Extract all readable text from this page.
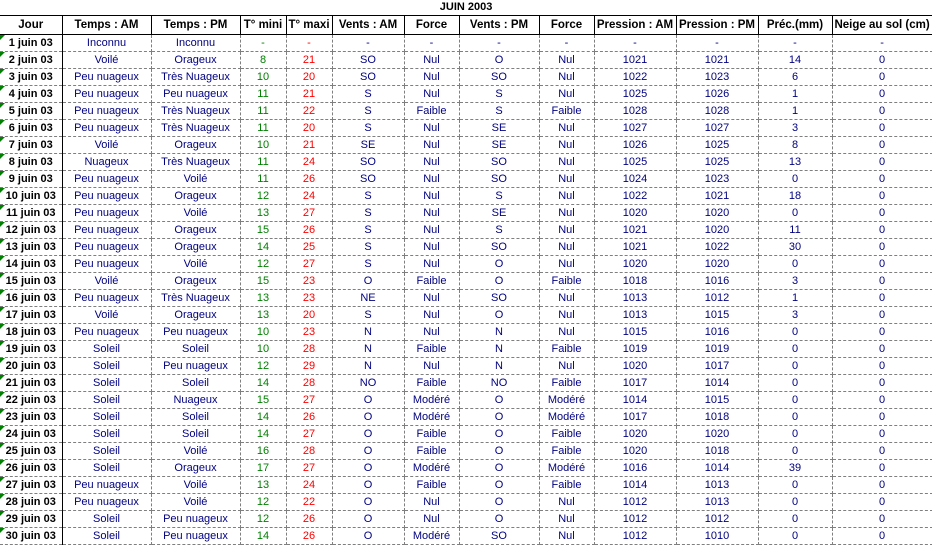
JUIN 2003												
Jour	Temps : AM	Temps : PM	T° mini	T° maxi	Vents : AM	Force	Vents : PM	Force	Pression : AM	Pression : PM	Préc.(mm)	Neige au sol (cm)
1 juin 03	Inconnu	Inconnu	-	-	-	-	-	-	-	-	-	-
2 juin 03	Voilé	Orageux	8	21	SO	Nul	O	Nul	1021	1021	14	0
3 juin 03	Peu nuageux	Très Nuageux	10	20	SO	Nul	SO	Nul	1022	1023	6	0
4 juin 03	Peu nuageux	Peu nuageux	11	21	S	Nul	S	Nul	1025	1026	1	0
5 juin 03	Peu nuageux	Très Nuageux	11	22	S	Faible	S	Faible	1028	1028	1	0
6 juin 03	Peu nuageux	Très Nuageux	11	20	S	Nul	SE	Nul	1027	1027	3	0
7 juin 03	Voilé	Orageux	10	21	SE	Nul	SE	Nul	1026	1025	8	0
8 juin 03	Nuageux	Très Nuageux	11	24	SO	Nul	SO	Nul	1025	1025	13	0
9 juin 03	Peu nuageux	Voilé	11	26	SO	Nul	SO	Nul	1024	1023	0	0
10 juin 03	Peu nuageux	Orageux	12	24	S	Nul	S	Nul	1022	1021	18	0
11 juin 03	Peu nuageux	Voilé	13	27	S	Nul	SE	Nul	1020	1020	0	0
12 juin 03	Peu nuageux	Orageux	15	26	S	Nul	S	Nul	1021	1020	11	0
13 juin 03	Peu nuageux	Orageux	14	25	S	Nul	SO	Nul	1021	1022	30	0
14 juin 03	Peu nuageux	Voilé	12	27	S	Nul	O	Nul	1020	1020	0	0
15 juin 03	Voilé	Orageux	15	23	O	Faible	O	Faible	1018	1016	3	0
16 juin 03	Peu nuageux	Très Nuageux	13	23	NE	Nul	SO	Nul	1013	1012	1	0
17 juin 03	Voilé	Orageux	13	20	S	Nul	O	Nul	1013	1015	3	0
18 juin 03	Peu nuageux	Peu nuageux	10	23	N	Nul	N	Nul	1015	1016	0	0
19 juin 03	Soleil	Soleil	10	28	N	Faible	N	Faible	1019	1019	0	0
20 juin 03	Soleil	Peu nuageux	12	29	N	Nul	N	Nul	1020	1017	0	0
21 juin 03	Soleil	Soleil	14	28	NO	Faible	NO	Faible	1017	1014	0	0
22 juin 03	Soleil	Nuageux	15	27	O	Modéré	O	Modéré	1014	1015	0	0
23 juin 03	Soleil	Soleil	14	26	O	Modéré	O	Modéré	1017	1018	0	0
24 juin 03	Soleil	Soleil	14	27	O	Faible	O	Faible	1020	1020	0	0
25 juin 03	Soleil	Voilé	16	28	O	Faible	O	Faible	1020	1018	0	0
26 juin 03	Soleil	Orageux	17	27	O	Modéré	O	Modéré	1016	1014	39	0
27 juin 03	Peu nuageux	Voilé	13	24	O	Faible	O	Faible	1014	1013	0	0
28 juin 03	Peu nuageux	Voilé	12	22	O	Nul	O	Nul	1012	1013	0	0
29 juin 03	Soleil	Peu nuageux	12	26	O	Nul	O	Nul	1012	1012	0	0
30 juin 03	Soleil	Peu nuageux	14	26	O	Modéré	SO	Nul	1012	1010	0	0
